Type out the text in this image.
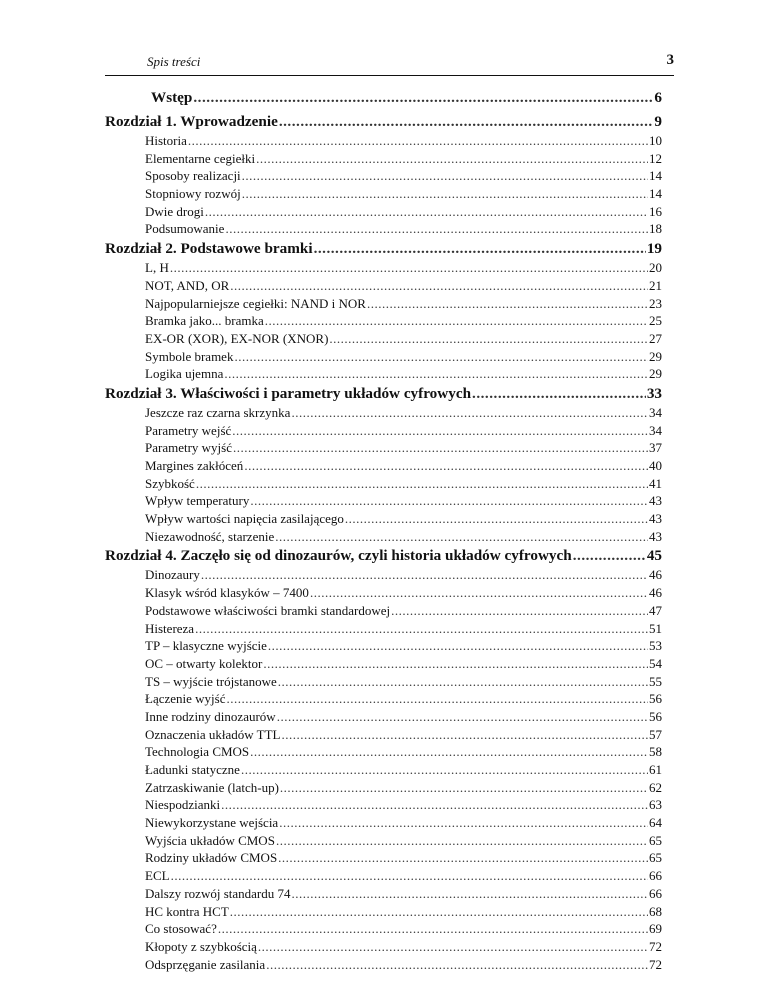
Spis treści	3
Wstęp .....	6
Rozdział 1. Wprowadzenie .....	9
Historia .....	10
Elementarne cegiełki .....	12
Sposoby realizacji .....	14
Stopniowy rozwój .....	14
Dwie drogi .....	16
Podsumowanie .....	18
Rozdział 2. Podstawowe bramki .....	19
L, H .....	20
NOT, AND, OR .....	21
Najpopularniejsze cegiełki: NAND i NOR .....	23
Bramka jako... bramka .....	25
EX-OR (XOR), EX-NOR (XNOR) .....	27
Symbole bramek .....	29
Logika ujemna .....	29
Rozdział 3. Właściwości i parametry układów cyfrowych .....	33
Jeszcze raz czarna skrzynka .....	34
Parametry wejść .....	34
Parametry wyjść .....	37
Margines zakłóceń .....	40
Szybkość .....	41
Wpływ temperatury .....	43
Wpływ wartości napięcia zasilającego .....	43
Niezawodność, starzenie .....	43
Rozdział 4. Zaczęło się od dinozaurów, czyli historia układów cyfrowych .....	45
Dinozaury .....	46
Klasyk wśród klasyków – 7400 .....	46
Podstawowe właściwości bramki standardowej .....	47
Histereza .....	51
TP – klasyczne wyjście .....	53
OC – otwarty kolektor .....	54
TS – wyjście trójstanowe .....	55
Łączenie wyjść .....	56
Inne rodziny dinozaurów .....	56
Oznaczenia układów TTL .....	57
Technologia CMOS .....	58
Ładunki statyczne .....	61
Zatrzaskiwanie (latch-up) .....	62
Niespodzianki .....	63
Niewykorzystane wejścia .....	64
Wyjścia układów CMOS .....	65
Rodziny układów CMOS .....	65
ECL .....	66
Dalszy rozwój standardu 74 .....	66
HC kontra HCT .....	68
Co stosować? .....	69
Kłopoty z szybkością .....	72
Odsprzęganie zasilania .....	72
